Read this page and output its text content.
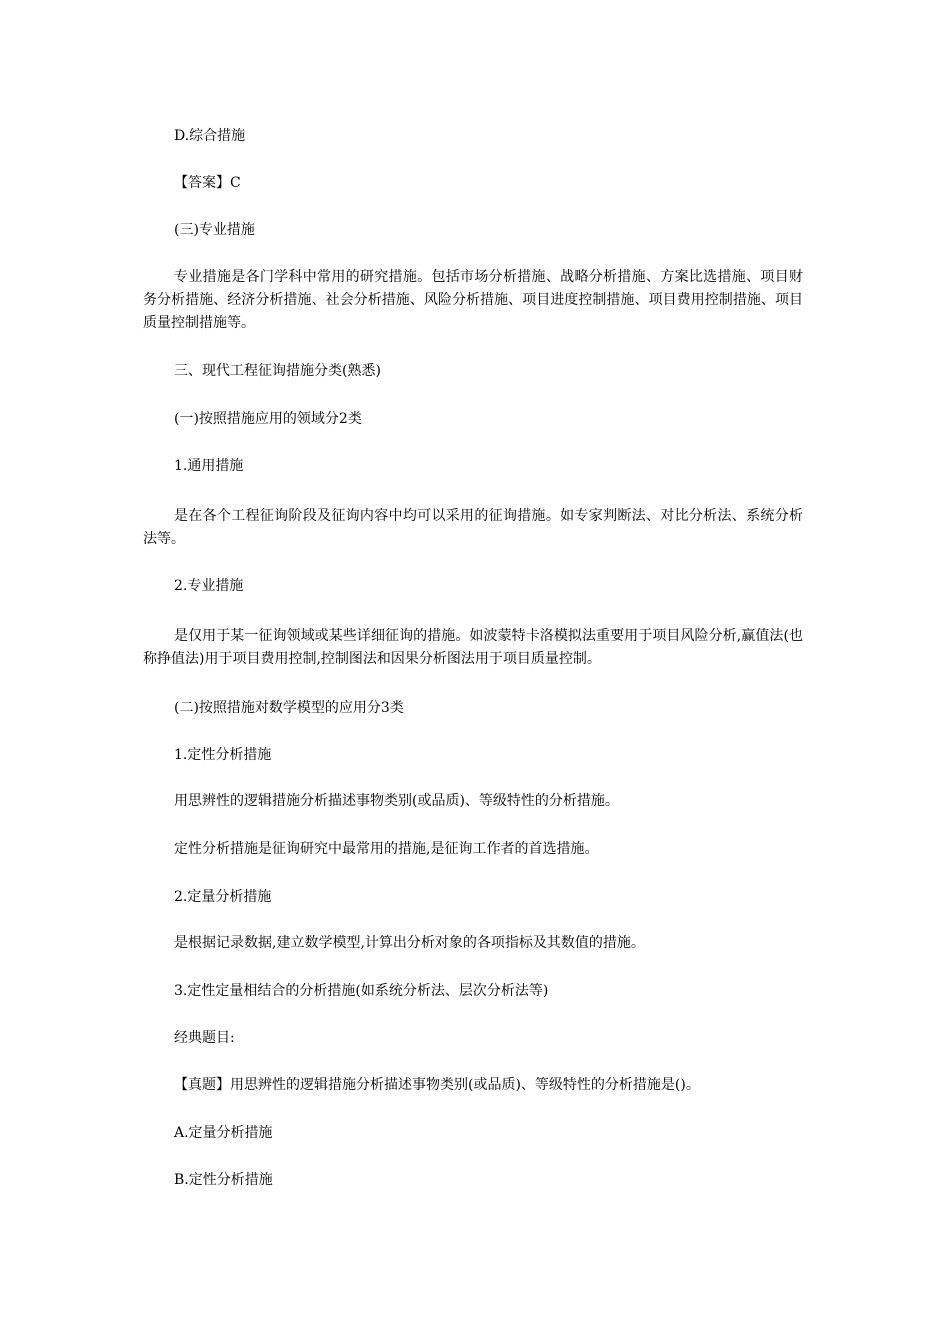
D.综合措施
【答案】C
(三)专业措施
专业措施是各门学科中常用的研究措施。包括市场分析措施、战略分析措施、方案比选措施、项目财务分析措施、经济分析措施、社会分析措施、风险分析措施、项目进度控制措施、项目费用控制措施、项目质量控制措施等。
三、现代工程征询措施分类(熟悉)
(一)按照措施应用的领域分2类
1.通用措施
是在各个工程征询阶段及征询内容中均可以采用的征询措施。如专家判断法、对比分析法、系统分析法等。
2.专业措施
是仅用于某一征询领域或某些详细征询的措施。如波蒙特卡洛模拟法重要用于项目风险分析,赢值法(也称挣值法)用于项目费用控制,控制图法和因果分析图法用于项目质量控制。
(二)按照措施对数学模型的应用分3类
1.定性分析措施
用思辨性的逻辑措施分析描述事物类别(或品质)、等级特性的分析措施。
定性分析措施是征询研究中最常用的措施,是征询工作者的首选措施。
2.定量分析措施
是根据记录数据,建立数学模型,计算出分析对象的各项指标及其数值的措施。
3.定性定量相结合的分析措施(如系统分析法、层次分析法等)
经典题目:
【真题】用思辨性的逻辑措施分析描述事物类别(或品质)、等级特性的分析措施是()。
A.定量分析措施
B.定性分析措施
